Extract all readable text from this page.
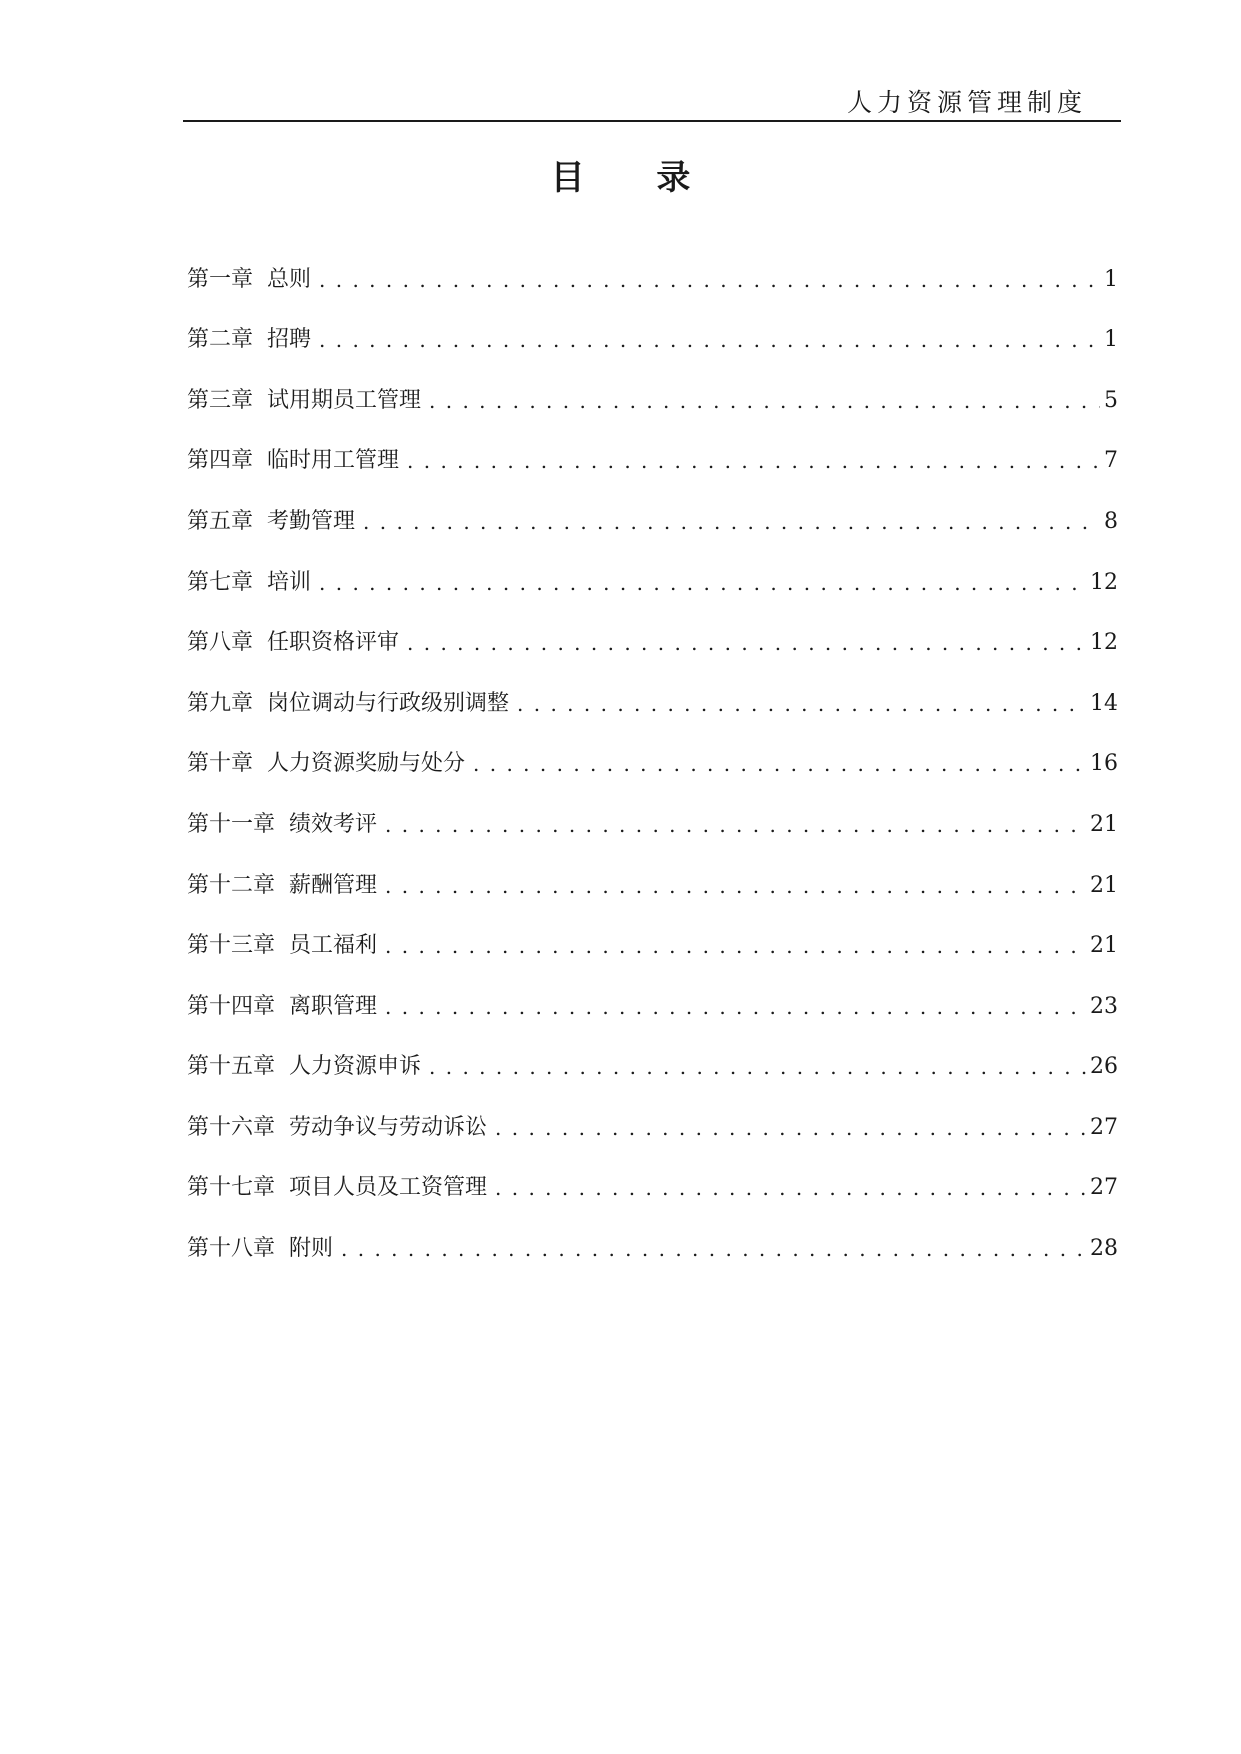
人力资源管理制度
目 录
第一章 总则 . . .	1
第二章 招聘 . . .	1
第三章 试用期员工管理 . . .	5
第四章 临时用工管理 . . .	7
第五章 考勤管理 . . .	8
第七章 培训 . . .	12
第八章 任职资格评审 . . .	12
第九章 岗位调动与行政级别调整 . . .	14
第十章 人力资源奖励与处分 . . .	16
第十一章 绩效考评 . . .	21
第十二章 薪酬管理 . . .	21
第十三章 员工福利 . . .	21
第十四章 离职管理 . . .	23
第十五章 人力资源申诉 . . .	26
第十六章 劳动争议与劳动诉讼 . . .	27
第十七章 项目人员及工资管理 . . .	27
第十八章 附则 . . .	28
